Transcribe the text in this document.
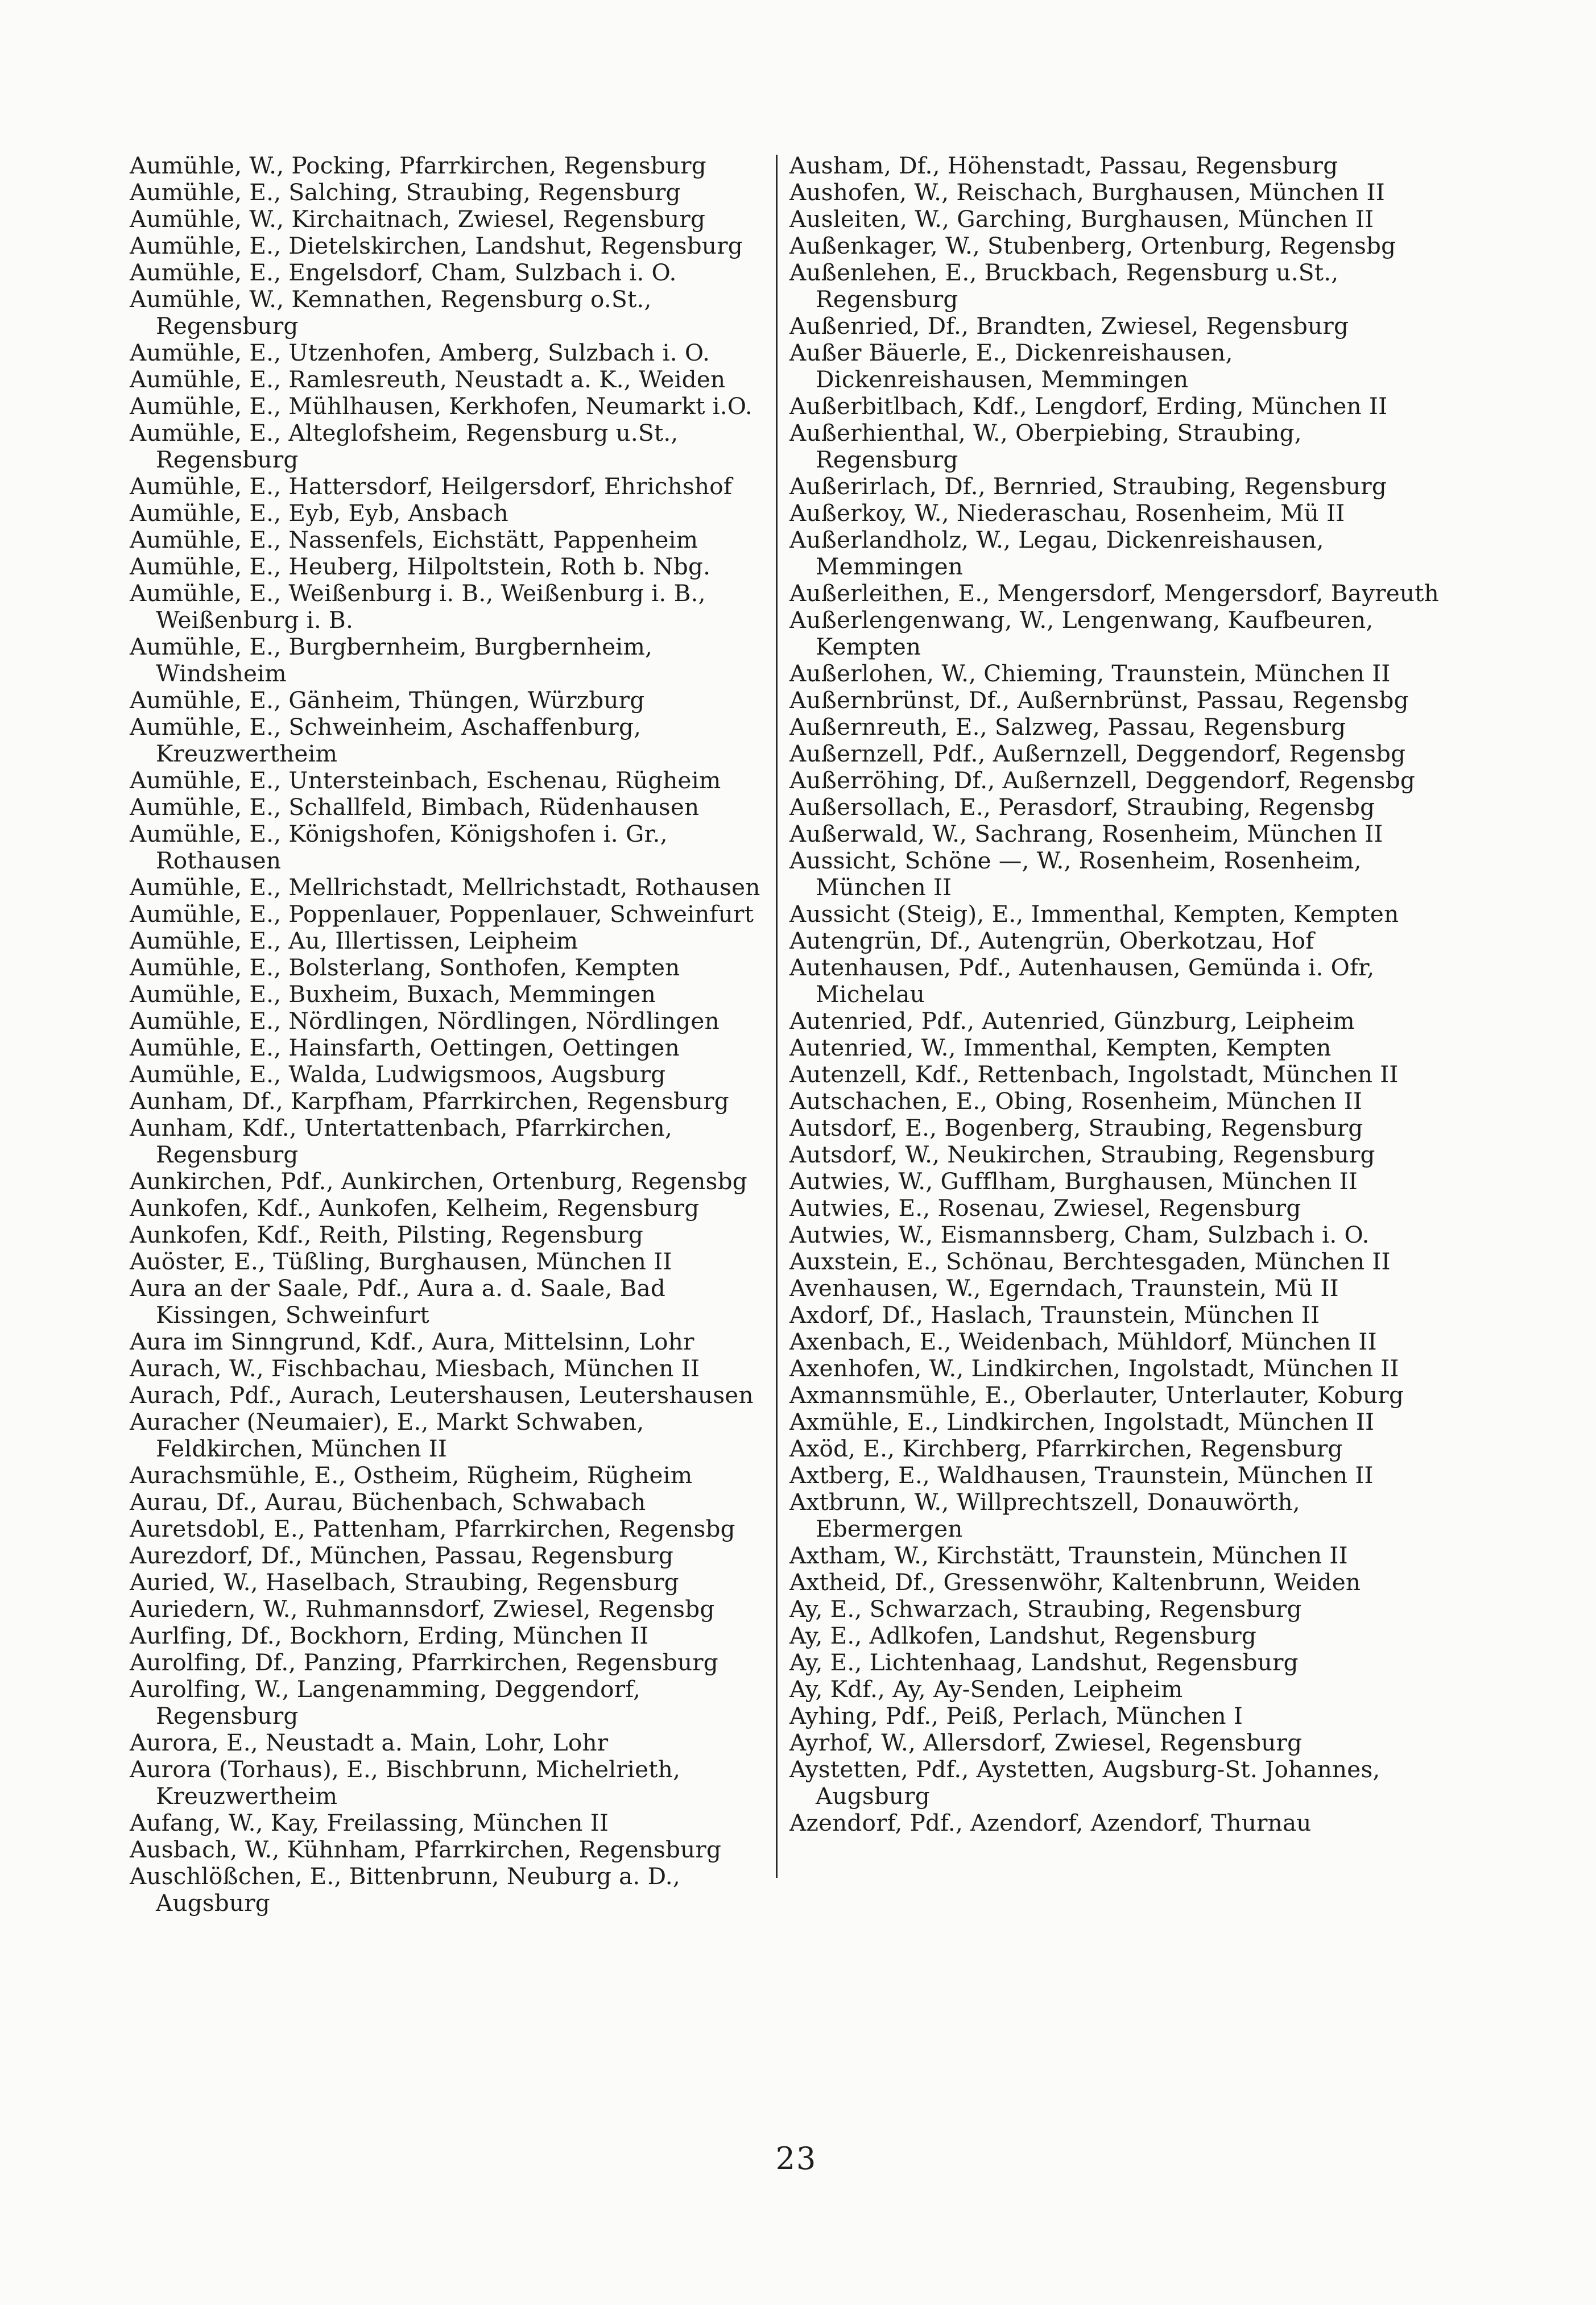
Aumühle, W., Pocking, Pfarrkirchen, Regensburg
Aumühle, E., Salching, Straubing, Regensburg
Aumühle, W., Kirchaitnach, Zwiesel, Regensburg
Aumühle, E., Dietelskirchen, Landshut, Regensburg
Aumühle, E., Engelsdorf, Cham, Sulzbach i. O.
Aumühle, W., Kemnathen, Regensburg o.St., Regensburg
Aumühle, E., Utzenhofen, Amberg, Sulzbach i. O.
Aumühle, E., Ramlesreuth, Neustadt a. K., Weiden
Aumühle, E., Mühlhausen, Kerkhofen, Neumarkt i.O.
Aumühle, E., Alteglofsheim, Regensburg u.St., Regensburg
Aumühle, E., Hattersdorf, Heilgersdorf, Ehrichshof
Aumühle, E., Eyb, Eyb, Ansbach
Aumühle, E., Nassenfels, Eichstätt, Pappenheim
Aumühle, E., Heuberg, Hilpoltstein, Roth b. Nbg.
Aumühle, E., Weißenburg i. B., Weißenburg i. B., Weißenburg i. B.
Aumühle, E., Burgbernheim, Burgbernheim, Windsheim
Aumühle, E., Gänheim, Thüngen, Würzburg
Aumühle, E., Schweinheim, Aschaffenburg, Kreuzwertheim
Aumühle, E., Untersteinbach, Eschenau, Rügheim
Aumühle, E., Schallfeld, Bimbach, Rüdenhausen
Aumühle, E., Königshofen, Königshofen i. Gr., Rothausen
Aumühle, E., Mellrichstadt, Mellrichstadt, Rothausen
Aumühle, E., Poppenlauer, Poppenlauer, Schweinfurt
Aumühle, E., Au, Illertissen, Leipheim
Aumühle, E., Bolsterlang, Sonthofen, Kempten
Aumühle, E., Buxheim, Buxach, Memmingen
Aumühle, E., Nördlingen, Nördlingen, Nördlingen
Aumühle, E., Hainsfarth, Oettingen, Oettingen
Aumühle, E., Walda, Ludwigsmoos, Augsburg
Aunham, Df., Karpfham, Pfarrkirchen, Regensburg
Aunham, Kdf., Untertattenbach, Pfarrkirchen, Regensburg
Aunkirchen, Pdf., Aunkirchen, Ortenburg, Regensbg
Aunkofen, Kdf., Aunkofen, Kelheim, Regensburg
Aunkofen, Kdf., Reith, Pilsting, Regensburg
Auöster, E., Tüßling, Burghausen, München II
Aura an der Saale, Pdf., Aura a. d. Saale, Bad Kissingen, Schweinfurt
Aura im Sinngrund, Kdf., Aura, Mittelsinn, Lohr
Aurach, W., Fischbachau, Miesbach, München II
Aurach, Pdf., Aurach, Leutershausen, Leutershausen
Auracher (Neumaier), E., Markt Schwaben, Feldkirchen, München II
Aurachsmühle, E., Ostheim, Rügheim, Rügheim
Aurau, Df., Aurau, Büchenbach, Schwabach
Auretsdobl, E., Pattenham, Pfarrkirchen, Regensbg
Aurezdorf, Df., München, Passau, Regensburg
Auried, W., Haselbach, Straubing, Regensburg
Auriedern, W., Ruhmannsdorf, Zwiesel, Regensbg
Aurlfing, Df., Bockhorn, Erding, München II
Aurolfing, Df., Panzing, Pfarrkirchen, Regensburg
Aurolfing, W., Langenamming, Deggendorf, Regensburg
Aurora, E., Neustadt a. Main, Lohr, Lohr
Aurora (Torhaus), E., Bischbrunn, Michelrieth, Kreuzwertheim
Aufang, W., Kay, Freilassing, München II
Ausbach, W., Kühnham, Pfarrkirchen, Regensburg
Auschlößchen, E., Bittenbrunn, Neuburg a. D., Augsburg
Ausham, Df., Höhenstadt, Passau, Regensburg
Aushofen, W., Reischach, Burghausen, München II
Ausleiten, W., Garching, Burghausen, München II
Außenkager, W., Stubenberg, Ortenburg, Regensbg
Außenlehen, E., Bruckbach, Regensburg u.St., Regensburg
Außenried, Df., Brandten, Zwiesel, Regensburg
Außer Bäuerle, E., Dickenreishausen, Dickenreishausen, Memmingen
Außerbitlbach, Kdf., Lengdorf, Erding, München II
Außerhienthal, W., Oberpiebing, Straubing, Regensburg
Außerirlach, Df., Bernried, Straubing, Regensburg
Außerkoy, W., Niederaschau, Rosenheim, Mü II
Außerlandholz, W., Legau, Dickenreishausen, Memmingen
Außerleithen, E., Mengersdorf, Mengersdorf, Bayreuth
Außerlengenwang, W., Lengenwang, Kaufbeuren, Kempten
Außerlohen, W., Chieming, Traunstein, München II
Außernbrünst, Df., Außernbrünst, Passau, Regensbg
Außernreuth, E., Salzweg, Passau, Regensburg
Außernzell, Pdf., Außernzell, Deggendorf, Regensbg
Außerröhing, Df., Außernzell, Deggendorf, Regensbg
Außersollach, E., Perasdorf, Straubing, Regensbg
Außerwald, W., Sachrang, Rosenheim, München II
Aussicht, Schöne —, W., Rosenheim, Rosenheim, München II
Aussicht (Steig), E., Immenthal, Kempten, Kempten
Autengrün, Df., Autengrün, Oberkotzau, Hof
Autenhausen, Pdf., Autenhausen, Gemünda i. Ofr, Michelau
Autenried, Pdf., Autenried, Günzburg, Leipheim
Autenried, W., Immenthal, Kempten, Kempten
Autenzell, Kdf., Rettenbach, Ingolstadt, München II
Autschachen, E., Obing, Rosenheim, München II
Autsdorf, E., Bogenberg, Straubing, Regensburg
Autsdorf, W., Neukirchen, Straubing, Regensburg
Autwies, W., Gufflham, Burghausen, München II
Autwies, E., Rosenau, Zwiesel, Regensburg
Autwies, W., Eismannsberg, Cham, Sulzbach i. O.
Auxstein, E., Schönau, Berchtesgaden, München II
Avenhausen, W., Egerndach, Traunstein, Mü II
Axdorf, Df., Haslach, Traunstein, München II
Axenbach, E., Weidenbach, Mühldorf, München II
Axenhofen, W., Lindkirchen, Ingolstadt, München II
Axmannsmühle, E., Oberlauter, Unterlauter, Koburg
Axmühle, E., Lindkirchen, Ingolstadt, München II
Axöd, E., Kirchberg, Pfarrkirchen, Regensburg
Axtberg, E., Waldhausen, Traunstein, München II
Axtbrunn, W., Willprechtszell, Donauwörth, Ebermergen
Axtham, W., Kirchstätt, Traunstein, München II
Axtheid, Df., Gressenwöhr, Kaltenbrunn, Weiden
Ay, E., Schwarzach, Straubing, Regensburg
Ay, E., Adlkofen, Landshut, Regensburg
Ay, E., Lichtenhaag, Landshut, Regensburg
Ay, Kdf., Ay, Ay-Senden, Leipheim
Ayhing, Pdf., Peiß, Perlach, München I
Ayrhof, W., Allersdorf, Zwiesel, Regensburg
Aystetten, Pdf., Aystetten, Augsburg-St. Johannes, Augsburg
Azendorf, Pdf., Azendorf, Azendorf, Thurnau
23
